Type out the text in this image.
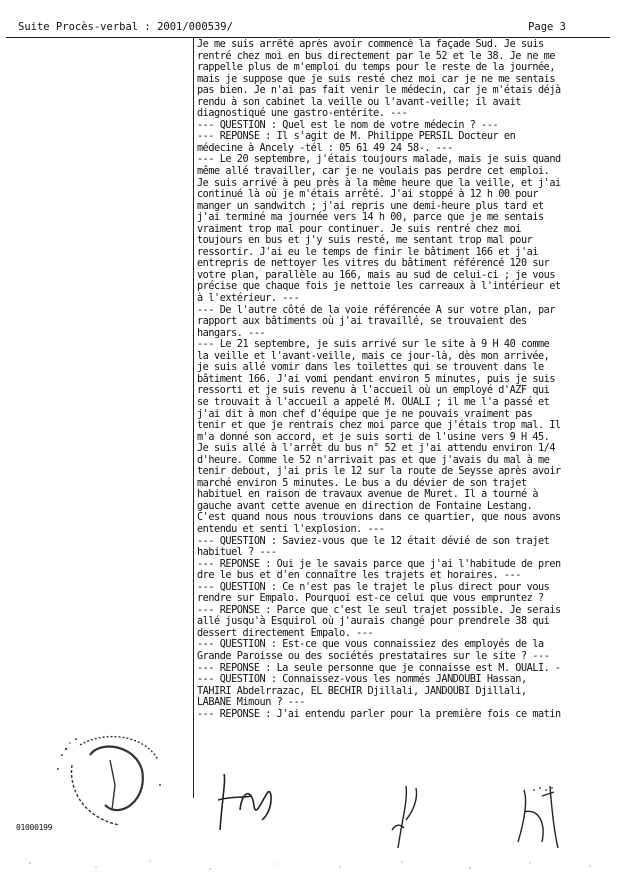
Suite Procès-verbal : 2001/000539/	Page 3
Je me suis arrêté après avoir commencé la façade Sud. Je suis
rentré chez moi en bus directement par le 52 et le 38. Je ne me
rappelle plus de m'emploi du temps pour le reste de la journée,
mais je suppose que je suis resté chez moi car je ne me sentais
pas bien. Je n'ai pas fait venir le médecin, car je m'étais déjà
rendu à son cabinet la veille ou l'avant-veille; il avait
diagnostiqué une gastro-entérite. ---
--- QUESTION : Quel est le nom de votre médecin ? ---
--- REPONSE : Il s'agit de M. Philippe PERSIL Docteur en
médecine à Ancely -tél : 05 61 49 24 58-. ---
--- Le 20 septembre, j'étais toujours malade, mais je suis quand
même allé travailler, car je ne voulais pas perdre cet emploi.
Je suis arrivé à peu près à la même heure que la veille, et j'ai
continué là où je m'étais arrêté. J'ai stoppé à 12 h 00 pour
manger un sandwitch ; j'ai repris une demi-heure plus tard et
j'ai terminé ma journée vers 14 h 00, parce que je me sentais
vraiment trop mal pour continuer. Je suis rentré chez moi
toujours en bus et j'y suis resté, me sentant trop mal pour
ressortir. J'ai eu le temps de finir le bâtiment 166 et j'ai
entrepris de nettoyer les vitres du bâtiment référencé 120 sur
votre plan, parallèle au 166, mais au sud de celui-ci ; je vous
précise que chaque fois je nettoie les carreaux à l'intérieur et
à l'extérieur. ---
--- De l'autre côté de la voie référencée A sur votre plan, par
rapport aux bâtiments où j'ai travaillé, se trouvaient des
hangars. ---
--- Le 21 septembre, je suis arrivé sur le site à 9 H 40 comme
la veille et l'avant-veille, mais ce jour-là, dès mon arrivée,
je suis allé vomir dans les toilettes qui se trouvent dans le
bâtiment 166. J'ai vomi pendant environ 5 minutes, puis je suis
ressorti et je suis revenu à l'accueil où un employé d'AZF qui
se trouvait à l'accueil a appelé M. OUALI ; il me l'a passé et
j'ai dit à mon chef d'équipe que je ne pouvais vraiment pas
tenir et que je rentrais chez moi parce que j'étais trop mal. Il
m'a donné son accord, et je suis sorti de l'usine vers 9 H 45.
Je suis allé à l'arrêt du bus n° 52 et j'ai attendu environ 1/4
d'heure. Comme le 52 n'arrivait pas et que j'avais du mal à me
tenir debout, j'ai pris le 12 sur la route de Seysse après avoir
marché environ 5 minutes. Le bus a du dévier de son trajet
habituel en raison de travaux avenue de Muret. Il a tourné à
gauche avant cette avenue en direction de Fontaine Lestang.
C'est quand nous nous trouvions dans ce quartier, que nous avons
entendu et senti l'explosion. ---
--- QUESTION : Saviez-vous que le 12 était dévié de son trajet
habituel ? ---
--- REPONSE : Oui je le savais parce que j'ai l'habitude de pren
dre le bus et d'en connaître les trajets et horaires. ---
--- QUESTION : Ce n'est pas le trajet le plus direct pour vous
rendre sur Empalo. Pourquoi est-ce celui que vous empruntez ?
--- REPONSE : Parce que c'est le seul trajet possible. Je serais
allé jusqu'à Esquirol où j'aurais changé pour prendrele 38 qui
dessert directement Empalo. ---
--- QUESTION : Est-ce que vous connaissiez des employés de la
Grande Paroisse ou des sociétés prestataires sur le site ? ---
--- REPONSE : La seule personne que je connaisse est M. OUALI. -
--- QUESTION : Connaissez-vous les nommés JANDOUBI Hassan,
TAHIRI Abdelrrazac, EL BECHIR Djillali, JANDOUBI Djillali,
LABANE Mimoun ? ---
--- REPONSE : J'ai entendu parler pour la première fois ce matin
01000199
